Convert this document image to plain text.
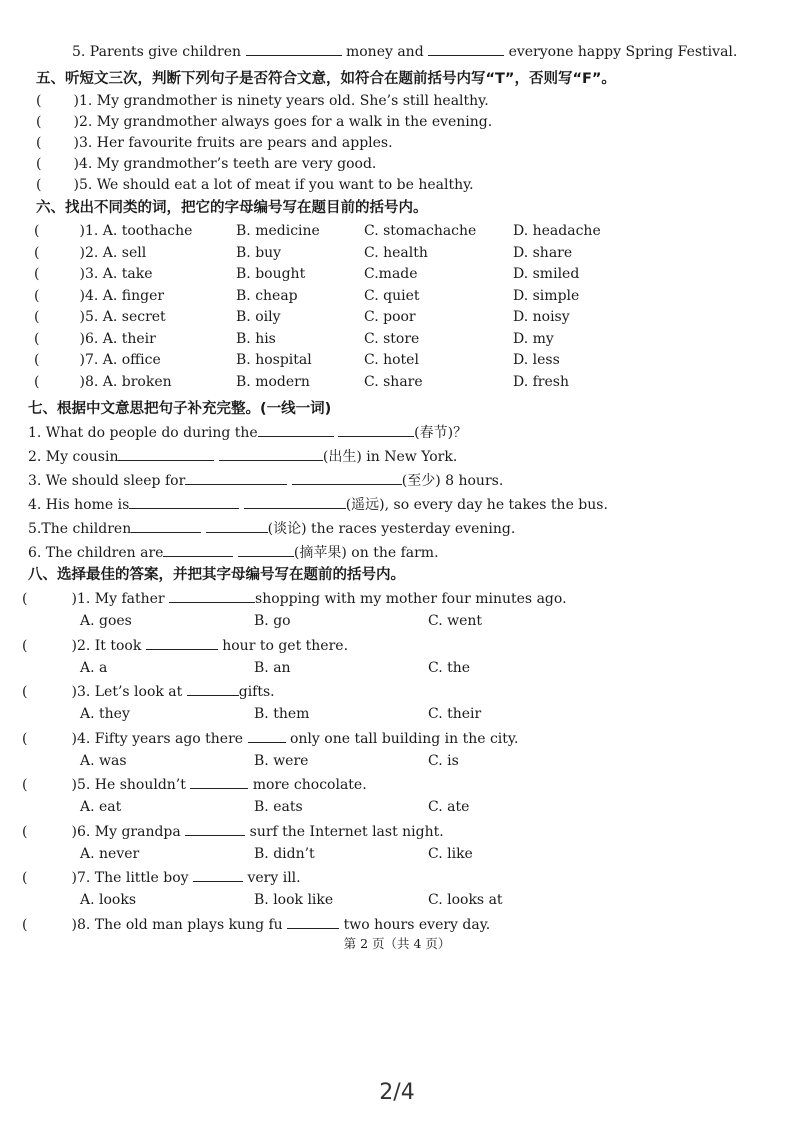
5. Parents give children	money and	everyone happy Spring Festival.
五、听短文三次，判断下列句子是否符合文意，如符合在题前括号内写“T”，否则写“F”。
( )1. My grandmother is ninety years old. She’s still healthy.
( )2. My grandmother always goes for a walk in the evening.
( )3. Her favourite fruits are pears and apples.
( )4. My grandmother’s teeth are very good.
( )5. We should eat a lot of meat if you want to be healthy.
六、找出不同类的词，把它的字母编号写在题目前的括号内。
(	)1. A. toothache	B. medicine	C. stomachache	D. headache
(	)2. A. sell	B. buy	C. health	D. share
(	)3. A. take	B. bought	C.made	D. smiled
(	)4. A. finger	B. cheap	C. quiet	D. simple
(	)5. A. secret	B. oily	C. poor	D. noisy
(	)6. A. their	B. his	C. store	D. my
(	)7. A. office	B. hospital	C. hotel	D. less
(	)8. A. broken	B. modern	C. share	D. fresh
七、根据中文意思把句子补充完整。(一线一词)
1. What do people do during the	(春节)？
2. My cousin	(出生) in New York.
3. We should sleep for	(至少) 8 hours.
4. His home is	(遥远), so every day he takes the bus.
5.The children	(谈论) the races yesterday evening.
6. The children are	(摘苹果) on the farm.
八、选择最佳的答案，并把其字母编号写在题前的括号内。
(	)1. My father	shopping with my mother four minutes ago.
A. goes	B. go	C. went
(	)2. It took	hour to get there.
A. a	B. an	C. the
(	)3. Let’s look at	gifts.
A. they	B. them	C. their
(	)4. Fifty years ago there	only one tall building in the city.
A. was	B. were	C. is
(	)5. He shouldn’t	more chocolate.
A. eat	B. eats	C. ate
(	)6. My grandpa	surf the Internet last night.
A. never	B. didn’t	C. like
(	)7. The little boy	very ill.
A. looks	B. look like	C. looks at
(	)8. The old man plays kung fu	two hours every day.
第 2 页（共 4 页）
2/4
